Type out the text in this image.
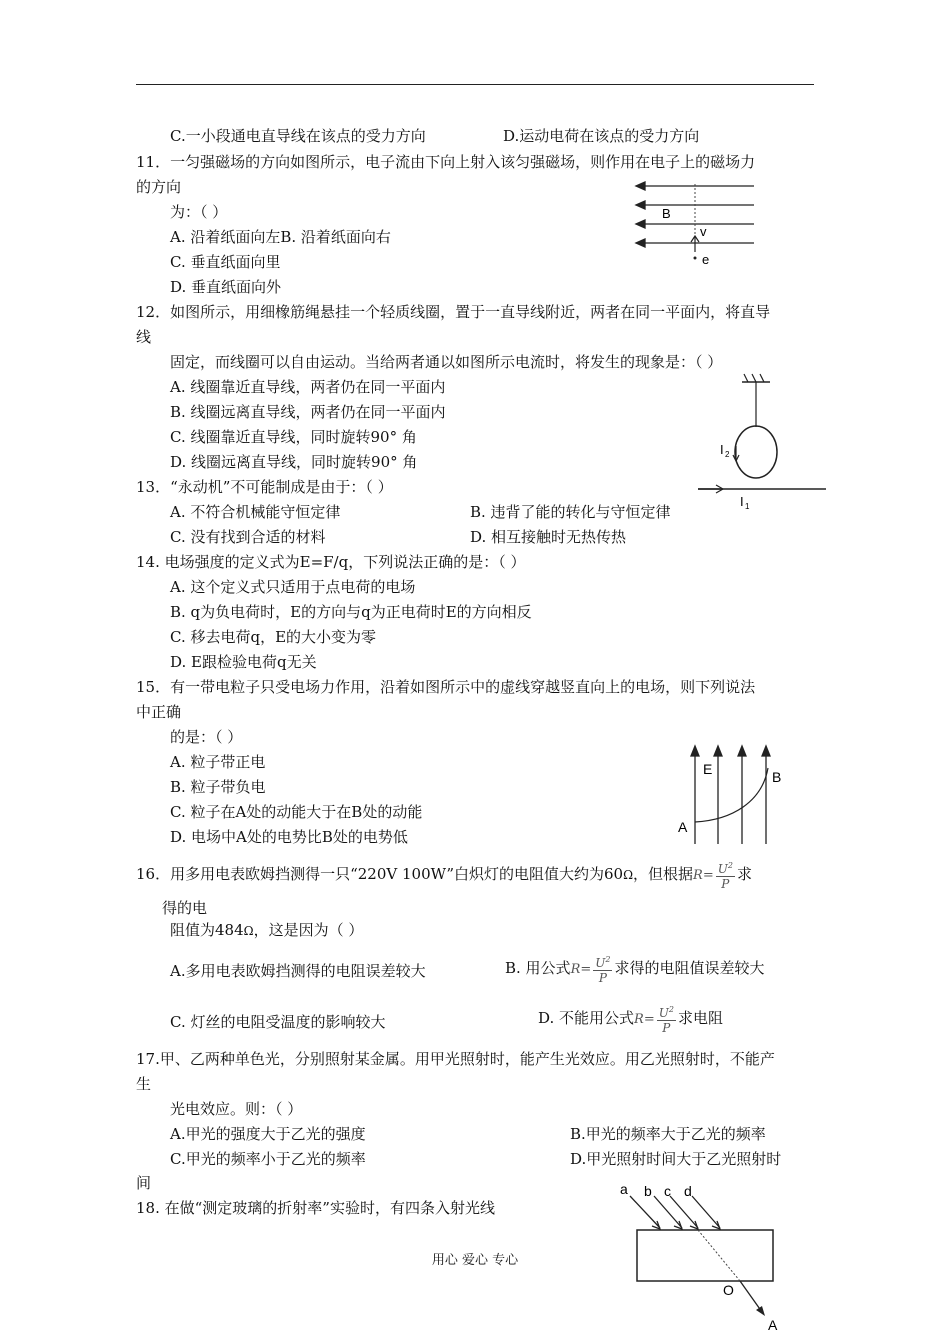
C.一小段通电直导线在该点的受力方向	D.运动电荷在该点的受力方向
11．一匀强磁场的方向如图所示，电子流由下向上射入该匀强磁场，则作用在电子上的磁场力
的方向
为：（ ）
A. 沿着纸面向左B. 沿着纸面向右
C. 垂直纸面向里
D. 垂直纸面向外
B
v
e
12．如图所示，用细橡筋绳悬挂一个轻质线圈，置于一直导线附近，两者在同一平面内，将直导
线
固定，而线圈可以自由运动。当给两者通以如图所示电流时，将发生的现象是：（ ）
A. 线圈靠近直导线，两者仍在同一平面内
B. 线圈远离直导线，两者仍在同一平面内
C. 线圈靠近直导线，同时旋转90° 角
D. 线圈远离直导线，同时旋转90° 角
I 2
I 1
13．“永动机”不可能制成是由于：（ ）
A. 不符合机械能守恒定律	B. 违背了能的转化与守恒定律
C. 没有找到合适的材料	D. 相互接触时无热传热
14. 电场强度的定义式为E=F/q，下列说法正确的是：（ ）
A. 这个定义式只适用于点电荷的电场
B. q为负电荷时，E的方向与q为正电荷时E的方向相反
C. 移去电荷q，E的大小变为零
D. E跟检验电荷q无关
15．有一带电粒子只受电场力作用，沿着如图所示中的虚线穿越竖直向上的电场，则下列说法
中正确
的是：（ ）
A. 粒子带正电
B. 粒子带负电
C. 粒子在A处的动能大于在B处的动能
D. 电场中A处的电势比B处的电势低
E	B
A
16．用多用电表欧姆挡测得一只“220V 100W”白炽灯的电阻值大约为60Ω，但根据$R= \frac{U^2}{P}$ 求
得的电
阻值为484Ω，这是因为（ ）
A.多用电表欧姆挡测得的电阻误差较大	B. 用公式$R= \frac{U^2}{P}$ 求得的电阻值误差较大
C. 灯丝的电阻受温度的影响较大	D. 不能用公式$R= \frac{U^2}{P}$ 求电阻
17.甲、乙两种单色光，分别照射某金属。用甲光照射时，能产生光效应。用乙光照射时，不能产
生
光电效应。则：（ ）
A.甲光的强度大于乙光的强度	B.甲光的频率大于乙光的频率
C.甲光的频率小于乙光的频率	D.甲光照射时间大于乙光照射时
间
18. 在做“测定玻璃的折射率”实验时，有四条入射光线
a b c d
O
A
用心 爱心 专心
